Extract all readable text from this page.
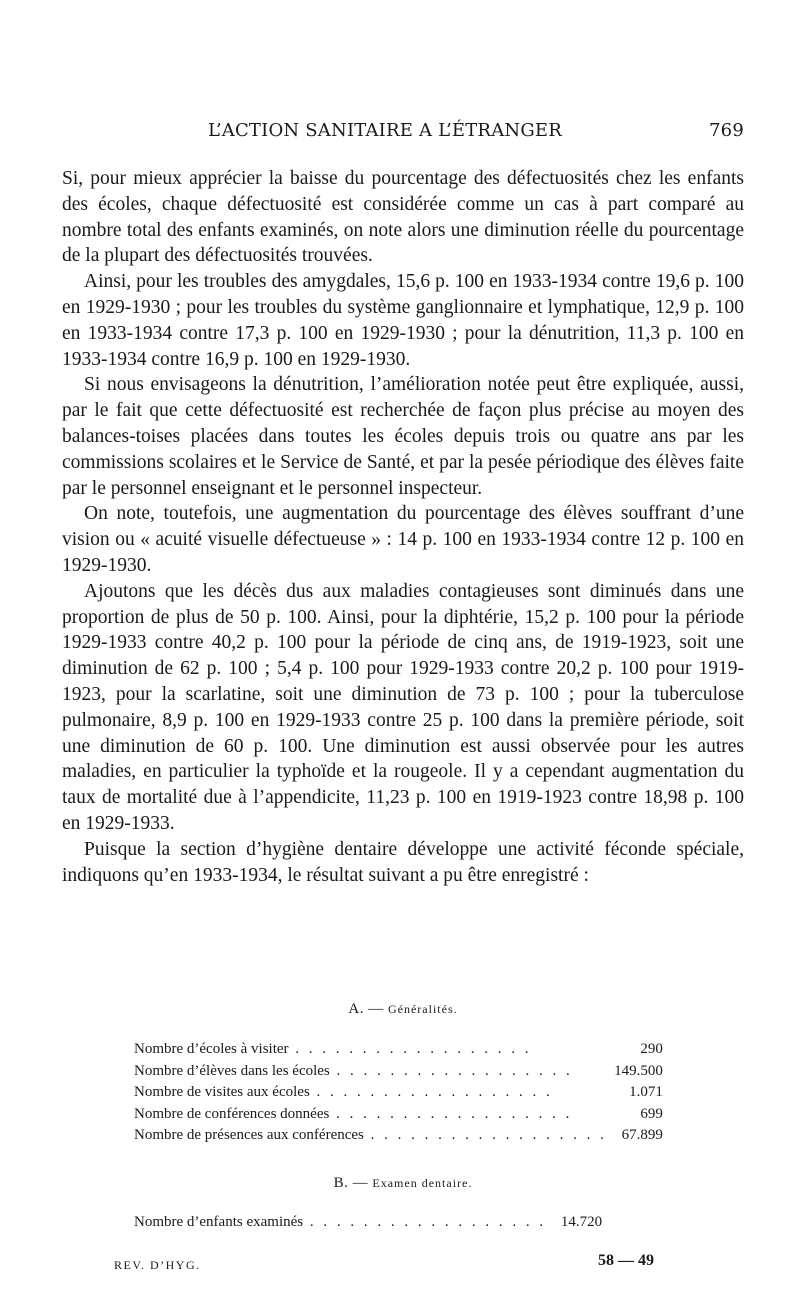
L’ACTION SANITAIRE A L’ÉTRANGER	769

Si, pour mieux apprécier la baisse du pourcentage des défectuosités chez les enfants des écoles, chaque défectuosité est considérée comme un cas à part comparé au nombre total des enfants examinés, on note alors une diminution réelle du pourcentage de la plupart des défectuosités trouvées.

Ainsi, pour les troubles des amygdales, 15,6 p. 100 en 1933-1934 contre 19,6 p. 100 en 1929-1930 ; pour les troubles du système ganglionnaire et lymphatique, 12,9 p. 100 en 1933-1934 contre 17,3 p. 100 en 1929-1930 ; pour la dénutrition, 11,3 p. 100 en 1933-1934 contre 16,9 p. 100 en 1929-1930.

Si nous envisageons la dénutrition, l’amélioration notée peut être expliquée, aussi, par le fait que cette défectuosité est recherchée de façon plus précise au moyen des balances-toises placées dans toutes les écoles depuis trois ou quatre ans par les commissions scolaires et le Service de Santé, et par la pesée périodique des élèves faite par le personnel enseignant et le personnel inspecteur.

On note, toutefois, une augmentation du pourcentage des élèves souffrant d’une vision ou « acuité visuelle défectueuse » : 14 p. 100 en 1933-1934 contre 12 p. 100 en 1929-1930.

Ajoutons que les décès dus aux maladies contagieuses sont diminués dans une proportion de plus de 50 p. 100. Ainsi, pour la diphtérie, 15,2 p. 100 pour la période 1929-1933 contre 40,2 p. 100 pour la période de cinq ans, de 1919-1923, soit une diminution de 62 p. 100 ; 5,4 p. 100 pour 1929-1933 contre 20,2 p. 100 pour 1919-1923, pour la scarlatine, soit une diminution de 73 p. 100 ; pour la tuberculose pulmonaire, 8,9 p. 100 en 1929-1933 contre 25 p. 100 dans la première période, soit une diminution de 60 p. 100. Une diminution est aussi observée pour les autres maladies, en particulier la typhoïde et la rougeole. Il y a cependant augmentation du taux de mortalité due à l’appendicite, 11,23 p. 100 en 1919-1923 contre 18,98 p. 100 en 1929-1933.

Puisque la section d’hygiène dentaire développe une activité féconde spéciale, indiquons qu’en 1933-1934, le résultat suivant a pu être enregistré :

A. — Généralités.
Nombre d’écoles à visiter . . . . . . . . . . . . . . . . . .	290
Nombre d’élèves dans les écoles . . . . . . . . . . . . . . . . . .	149.500
Nombre de visites aux écoles . . . . . . . . . . . . . . . . . .	1.071
Nombre de conférences données . . . . . . . . . . . . . . . . . .	699
Nombre de présences aux conférences . . . . . . . . . . . . . . . . . .	67.899
B. — Examen dentaire.
Nombre d’enfants examinés . . . . . . . . . . . . . . . . . .	14.720
REV. D’HYG.	58 — 49
